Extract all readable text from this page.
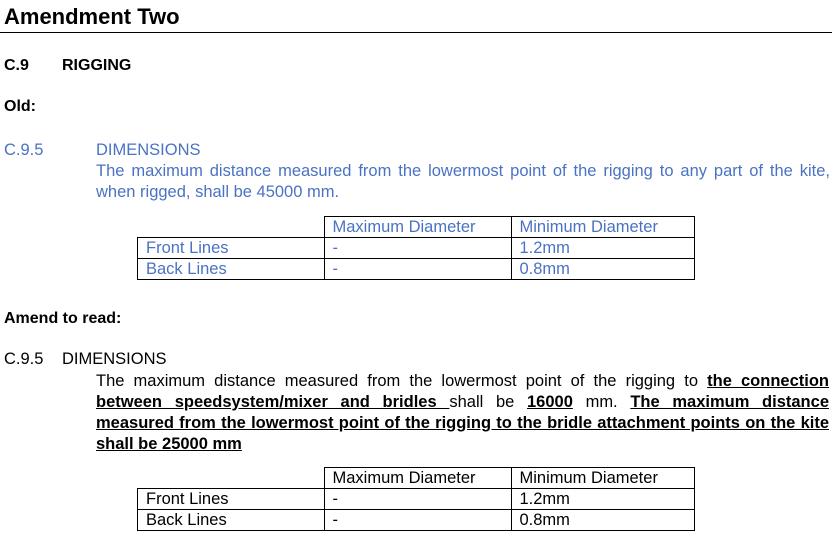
Amendment Two
C.9 RIGGING
Old:
C.9.5	DIMENSIONS
The maximum distance measured from the lowermost point of the rigging to any part of the kite, when rigged, shall be 45000 mm.
	Maximum Diameter	Minimum Diameter
Front Lines	-	1.2mm
Back Lines	-	0.8mm
Amend to read:
C.9.5 DIMENSIONS
The maximum distance measured from the lowermost point of the rigging to the connection between speedsystem/mixer and bridles shall be 16000 mm. The maximum distance measured from the lowermost point of the rigging to the bridle attachment points on the kite shall be 25000 mm
	Maximum Diameter	Minimum Diameter
Front Lines	-	1.2mm
Back Lines	-	0.8mm
